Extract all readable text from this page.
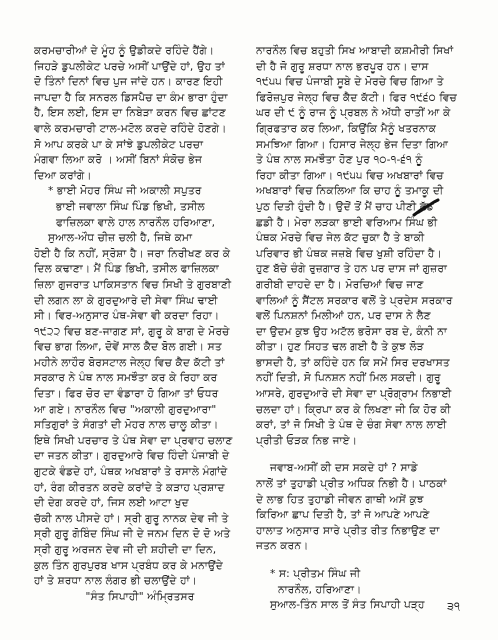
ਕਰਮਚਾਰੀਆਂ ਦੇ ਮੂੰਹ ਨੂੰ ਉਡੀਕਦੇ ਰਹਿੰਦੇ ਹੈਂਗੇ।
ਜਿਹੜੇ ਡੁਪਲੀਕੇਟ ਪਰਚੇ ਅਸੀਂ ਪਾਉਂਦੇ ਹਾਂ, ਉਹ ਤਾਂ
ਦੋ ਤਿੰਨਾਂ ਦਿਨਾਂ ਵਿਚ ਪੁਜ ਜਾਂਦੇ ਹਨ। ਕਾਰਣ ਇਹੀ
ਜਾਪਦਾ ਹੈ ਕਿ ਸਨਰਲ ਡਿਸਪੈਚ ਦਾ ਕੰਮ ਭਾਰਾ ਹੁੰਦਾ
ਹੈ, ਇਸ ਲਈ, ਇਸ ਦਾ ਨਿਬੇੜਾ ਕਰਨ ਵਿਚ ਛਾਂਟਣ
ਵਾਲੇ ਕਰਮਚਾਰੀ ਟਾਲ-ਮਟੋਲ ਕਰਦੇ ਰਹਿੰਦੇ ਹੋਣਗੇ।
ਸੋ ਆਪ ਕਰਕੇ ਪਾ ਕੇ ਸਾਂਝੇ ਡੁਪਲੀਕੇਟ ਪਰਚਾ
ਮੰਗਵਾ ਲਿਆ ਕਰੋ । ਅਸੀਂ ਬਿਨਾਂ ਸੰਕੋਚ ਭੇਜ
ਦਿਆ ਕਰਾਂਗੇ।
* ਭਾਈ ਮੋਹਰ ਸਿੰਘ ਜੀ ਅਕਾਲੀ ਸਪੁਤਰ
ਭਾਈ ਜਵਾਲਾ ਸਿੰਘ ਪਿੰਡ ਭਿਖੀ, ਤਸੀਲ
ਫਾਜ਼ਿਲਕਾ ਵਾਲੇ ਹਾਲ ਨਾਰਨੌਲ ਹਰਿਆਣਾ,
ਸੁਆਲ-ਔਧ ਚੀਜ਼ ਚਲੀ ਹੈ, ਜਿਥੇ ਕਮਾ
ਹੋਈ ਹੈ ਕਿ ਨਹੀਂ, ਸ੍ਰੋਸ਼ਾ ਹੈ। ਜਰਾ ਨਿਰੀਖਣ ਕਰ ਕੇ
ਦਿਲ ਕਢਾਣਾ। ਮੈਂ ਪਿੰਡ ਭਿਖੀ, ਤਸੀਲ ਫਾਜ਼ਿਲਕਾ
ਜ਼ਿਲਾ ਗੁਜਰਾਤ ਪਾਕਿਸਤਾਨ ਵਿਚ ਸਿਖੀ ਤੇ ਗੁਰਬਾਣੀ
ਦੀ ਲਗਨ ਲਾ ਕੇ ਗੁਰਦੁਆਰੇ ਦੀ ਸੇਵਾ ਸਿੰਘ ਢਾਈ
ਸੀ। ਵਿਰ-ਅਨੁਸਾਰ ਪੰਥ-ਸੇਵਾ ਵੀ ਕਰਦਾ ਰਿਹਾ।
੧੯੨੨ ਵਿਚ ਬਣ-ਜਾਗਣ ਸਾਂ, ਗੁਰੂ ਕੇ ਬਾਗ ਦੇ ਮੋਰਚੇ
ਵਿਚ ਭਾਗ ਲਿਆ, ਦੋਵੇਂ ਸਾਲ ਕੈਦ ਬੋਲ ਗਈ। ਸਤ
ਮਹੀਨੇ ਲਾਹੌਰ ਬੋਰਸਟਾਲ ਜੇਲ੍ਹ ਵਿਚ ਕੈਦ ਕੱਟੀ ਤਾਂ
ਸਰਕਾਰ ਨੇ ਪੰਥ ਨਾਲ ਸਮਝੌਤਾ ਕਰ ਕੇ ਰਿਹਾ ਕਰ
ਦਿਤਾ। ਫਿਰ ਚੋਰ ਦਾ ਵੰਡਾਰਾ ਹੋ ਗਿਆ ਤਾਂ ਓਧਰ
ਆ ਗਏ। ਨਾਰਨੌਲ ਵਿਚ "ਅਕਾਲੀ ਗੁਰਦੁਆਰਾ"
ਸਤਿਗੁਰਾਂ ਤੇ ਸੰਗਤਾਂ ਦੀ ਮੋਹਰ ਨਾਲ ਚਾਲੂ ਕੀਤਾ।
ਇਥੇ ਸਿਖੀ ਪਰਚਾਰ ਤੇ ਪੰਥ ਸੇਵਾ ਦਾ ਪ੍ਰਵਾਹ ਚਲਾਣ
ਦਾ ਜਤਨ ਕੀਤਾ। ਗੁਰਦੁਆਰੇ ਵਿਚ ਹਿੰਦੀ ਪੰਜਾਬੀ ਦੇ
ਗੁਟਕੇ ਵੰਡਦੇ ਹਾਂ, ਪੰਥਕ ਅਖਬਾਰਾਂ ਤੇ ਰਸਾਲੇ ਮੰਗਾਂਦੇ
ਹਾਂ, ਰੰਗ ਕੀਰਤਨ ਕਰਦੇ ਕਰਾਂਦੇ ਤੇ ਕੜਾਹ ਪ੍ਰਸ਼ਾਦ
ਦੀ ਦੇਗ ਕਰਦੇ ਹਾਂ, ਜਿਸ ਲਈ ਆਟਾ ਖੁਦ
ਚੱਕੀ ਨਾਲ ਪੀਸਦੇ ਹਾਂ। ਸ੍ਰੀ ਗੁਰੂ ਨਾਨਕ ਦੇਵ ਜੀ ਤੇ
ਸ੍ਰੀ ਗੁਰੂ ਗੋਬਿੰਦ ਸਿੰਘ ਜੀ ਦੇ ਜਨਮ ਦਿਨ ਦੋ ਦੋ ਅਤੇ
ਸ੍ਰੀ ਗੁਰੂ ਅਰਜਨ ਦੇਵ ਜੀ ਦੀ ਸ਼ਹੀਦੀ ਦਾ ਦਿਨ,
ਕੁਲ ਤਿੰਨ ਗੁਰਪੁਰਬ ਖਾਸ ਪ੍ਰਬੰਧ ਕਰ ਕੇ ਮਨਾਉਂਦੇ
ਹਾਂ ਤੇ ਸ਼ਰਧਾ ਨਾਲ ਲੰਗਰ ਭੀ ਚਲਾਉਂਦੇ ਹਾਂ।
"ਸੰਤ ਸਿਪਾਹੀ" ਅੰਮ੍ਰਿਤਸਰ
ਨਾਰਨੌਲ ਵਿਚ ਬਹੁਤੀ ਸਿਖ ਆਬਾਦੀ ਕਸ਼ਮੀਰੀ ਸਿਖਾਂ
ਦੀ ਹੈ ਜੋ ਗੁਰੂ ਸ਼ਰਧਾ ਨਾਲ ਭਰਪੂਰ ਹਨ। ਦਾਸ
੧੯੫੫ ਵਿਚ ਪੰਜਾਬੀ ਸੂਬੇ ਦੇ ਮੋਰਚੇ ਵਿਚ ਗਿਆ ਤੇ
ਫਿਰੋਜ਼ਪੁਰ ਜੇਲ੍ਹ ਵਿਚ ਕੈਦ ਕੱਟੀ। ਫਿਰ ੧੯੬੦ ਵਿਚ
ਘਰ ਦੀ ੯ ਨੂੰ ਰਾਜ ਨੂੰ ਪ੍ਰਬਲ ਨੇ ਅੱਧੀ ਰਾਤੀਂ ਆ ਕੇ
ਗ੍ਰਿਫਤਾਰ ਕਰ ਲਿਆ, ਕਿਉਂਕਿ ਮੈਨੂੰ ਖਤਰਨਾਕ
ਸਮਝਿਆ ਗਿਆ। ਹਿਸਾਰ ਜੇਲ੍ਹ ਭੇਜ ਦਿਤਾ ਗਿਆ
ਤੇ ਪੰਥ ਨਾਲ ਸਮਝੌਤਾ ਹੋਣ ਪੁਰ ੧੦-੧-੬੧ ਨੂੰ
ਰਿਹਾ ਕੀਤਾ ਗਿਆ। ੧੯੫੫ ਵਿਚ ਅਖਬਾਰਾਂ ਵਿਚ
ਅਖਬਾਰਾਂ ਵਿਚ ਨਿਕਲਿਆ ਕਿ ਚਾਹ ਨੂੰ ਤਮਾਕੂ ਦੀ
ਪੁਠ ਦਿਤੀ ਹੁੰਦੀ ਹੈ। ਉਦੋਂ ਤੋਂ ਮੈਂ ਚਾਹ ਪੀਣੀ ਛੱਡ
ਛਡੀ ਹੈ। ਮੇਰਾ ਲੜਕਾ ਭਾਈ ਵਰਿਆਮ ਸਿੰਘ ਭੀ
ਪੰਥਕ ਮੋਰਚੇ ਵਿਚ ਜੇਲ ਕੱਟ ਚੁਕਾ ਹੈ ਤੇ ਬਾਕੀ
ਪਰਿਵਾਰ ਭੀ ਪੰਥਕ ਜਜ਼ਬੇ ਵਿਚ ਖੁਸ਼ੀ ਰਹਿੰਦਾ ਹੈ।
ਹੁਣ ਬੱਚੇ ਚੰਗੇ ਰੁਜ਼ਗਾਰ ਤੇ ਹਨ ਪਰ ਦਾਸ ਜਾਂ ਗੁਜ਼ਰਾ
ਗਰੀਬੀ ਦਾਹਦੇ ਦਾ ਹੈ। ਮੋਰਚਿਆਂ ਵਿਚ ਜਾਣ
ਵਾਲਿਆਂ ਨੂੰ ਸੈਂਟਲ ਸਰਕਾਰ ਵਲੋਂ ਤੇ ਪ੍ਰਦੇਸ ਸਰਕਾਰ
ਵਲੋਂ ਪਿਨਸ਼ਨਾਂ ਮਿਲੀਆਂ ਹਨ, ਪਰ ਦਾਸ ਨੇ ਲੈਣ
ਦਾ ਉਦਮ ਕੁਝ ਉਹ ਅਟੱਲ ਭਰੋਸਾ ਰਬ ਦੇ, ਕੰਨੀ ਨਾ
ਕੀਤਾ। ਹੁਣ ਸਿਹਤ ਢਲ ਗਈ ਹੈ ਤੇ ਕੁਝ ਲੋੜ
ਭਾਸਦੀ ਹੈ, ਤਾਂ ਕਹਿੰਦੇ ਹਨ ਕਿ ਸਮੇਂ ਸਿਰ ਦਰਖਾਸਤ
ਨਹੀਂ ਦਿਤੀ, ਸੋ ਪਿਨਸ਼ਨ ਨਹੀਂ ਮਿਲ ਸਕਦੀ। ਗੁਰੂ
ਆਸਰੇ, ਗੁਰਦੁਆਰੇ ਦੀ ਸੇਵਾ ਦਾ ਪ੍ਰੋਗ੍ਰਾਮ ਨਿਭਾਈ
ਚਲਦਾ ਹਾਂ। ਕ੍ਰਿਪਾ ਕਰ ਕੇ ਲਿਖਣਾ ਜੀ ਕਿ ਹੋਰ ਕੀ
ਕਰਾਂ, ਤਾਂ ਜੋ ਸਿਖੀ ਤੇ ਪੰਥ ਦੇ ਚੰਗ ਸੇਵਾ ਨਾਲ ਲਾਈ
ਪ੍ਰੀਤੀ ਓੜਕ ਨਿਭ ਜਾਏ।
ਜਵਾਬ-ਅਸੀਂ ਕੀ ਦਸ ਸਕਦੇ ਹਾਂ ? ਸਾਡੇ
ਨਾਲੋਂ ਤਾਂ ਤੁਹਾਡੀ ਪ੍ਰੀਤ ਅਧਿਕ ਨਿਭੀ ਹੈ। ਪਾਠਕਾਂ
ਦੇ ਲਾਭ ਹਿਤ ਤੁਹਾਡੀ ਜੀਵਨ ਗਾਥੀ ਅਸੇਂ ਕੁਝ
ਕਿਰਿਆ ਛਾਪ ਦਿਤੀ ਹੈ, ਤਾਂ ਜੋ ਆਪਣੇ ਆਪਣੇ
ਹਾਲਾਤ ਅਨੁਸਾਰ ਸਾਰੇ ਪ੍ਰੀਤ ਰੀਤ ਨਿਭਾਉਣ ਦਾ
ਜਤਨ ਕਰਨ।
* ਸ: ਪ੍ਰੀਤਮ ਸਿੰਘ ਜੀ
ਨਾਰਨੌਲ, ਹਰਿਆਣਾ।
ਸੁਆਲ-ਤਿੰਨ ਸਾਲ ਤੋਂ ਸੰਤ ਸਿਪਾਹੀ ਪੜ੍ਹ	੩੧
